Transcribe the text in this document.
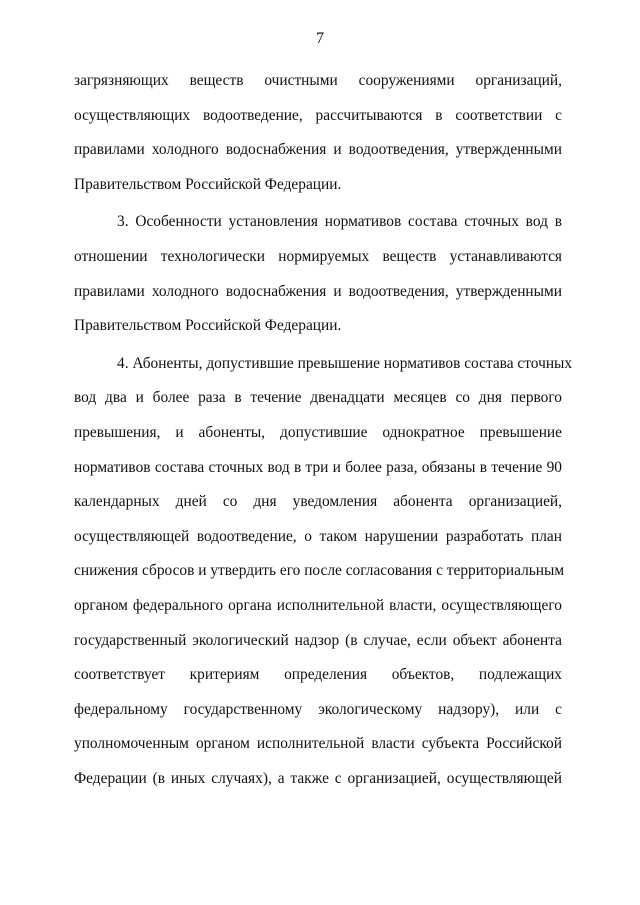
7
загрязняющих веществ очистными сооружениями организаций,
осуществляющих водоотведение, рассчитываются в соответствии с
правилами холодного водоснабжения и водоотведения, утвержденными
Правительством Российской Федерации.
3. Особенности установления нормативов состава сточных вод в
отношении технологически нормируемых веществ устанавливаются
правилами холодного водоснабжения и водоотведения, утвержденными
Правительством Российской Федерации.
4. Абоненты, допустившие превышение нормативов состава сточных
вод два и более раза в течение двенадцати месяцев со дня первого
превышения, и абоненты, допустившие однократное превышение
нормативов состава сточных вод в три и более раза, обязаны в течение 90
календарных дней со дня уведомления абонента организацией,
осуществляющей водоотведение, о таком нарушении разработать план
снижения сбросов и утвердить его после согласования с территориальным
органом федерального органа исполнительной власти, осуществляющего
государственный экологический надзор (в случае, если объект абонента
соответствует критериям определения объектов, подлежащих
федеральному государственному экологическому надзору), или с
уполномоченным органом исполнительной власти субъекта Российской
Федерации (в иных случаях), а также с организацией, осуществляющей
